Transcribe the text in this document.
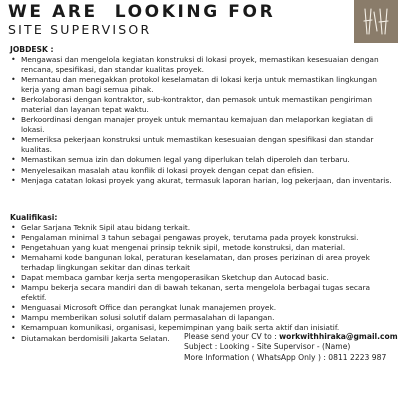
WE ARE  LOOKING FOR
SITE SUPERVISOR
JOBDESK :
• Mengawasi dan mengelola kegiatan konstruksi di lokasi proyek, memastikan kesesuaian dengan rencana, spesifikasi, dan standar kualitas proyek.
• Memantau dan menegakkan protokol keselamatan di lokasi kerja untuk memastikan lingkungan kerja yang aman bagi semua pihak.
• Berkolaborasi dengan kontraktor, sub-kontraktor, dan pemasok untuk memastikan pengiriman material dan layanan tepat waktu.
• Berkoordinasi dengan manajer proyek untuk memantau kemajuan dan melaporkan kegiatan di lokasi.
• Memeriksa pekerjaan konstruksi untuk memastikan kesesuaian dengan spesifikasi dan standar kualitas.
• Memastikan semua izin dan dokumen legal yang diperlukan telah diperoleh dan terbaru.
• Menyelesaikan masalah atau konflik di lokasi proyek dengan cepat dan efisien.
• Menjaga catatan lokasi proyek yang akurat, termasuk laporan harian, log pekerjaan, dan inventaris.
Kualifikasi:
• Gelar Sarjana Teknik Sipil atau bidang terkait.
• Pengalaman minimal 3 tahun sebagai pengawas proyek, terutama pada proyek konstruksi.
• Pengetahuan yang kuat mengenai prinsip teknik sipil, metode konstruksi, dan material.
• Memahami kode bangunan lokal, peraturan keselamatan, dan proses perizinan di area proyek terhadap lingkungan sekitar dan dinas terkait
• Dapat membaca gambar kerja serta mengoperasikan Sketchup dan Autocad basic.
• Mampu bekerja secara mandiri dan di bawah tekanan, serta mengelola berbagai tugas secara efektif.
• Menguasai Microsoft Office dan perangkat lunak manajemen proyek.
• Mampu memberikan solusi solutif dalam permasalahan di lapangan.
• Kemampuan komunikasi, organisasi, kepemimpinan yang baik serta aktif dan inisiatif.
• Diutamakan berdomisili Jakarta Selatan.	Please send your CV to : workwithhiraka@gmail.com
Subject : Looking - Site Supervisor - (Name)
More Information ( WhatsApp Only ) : 0811 2223 987
